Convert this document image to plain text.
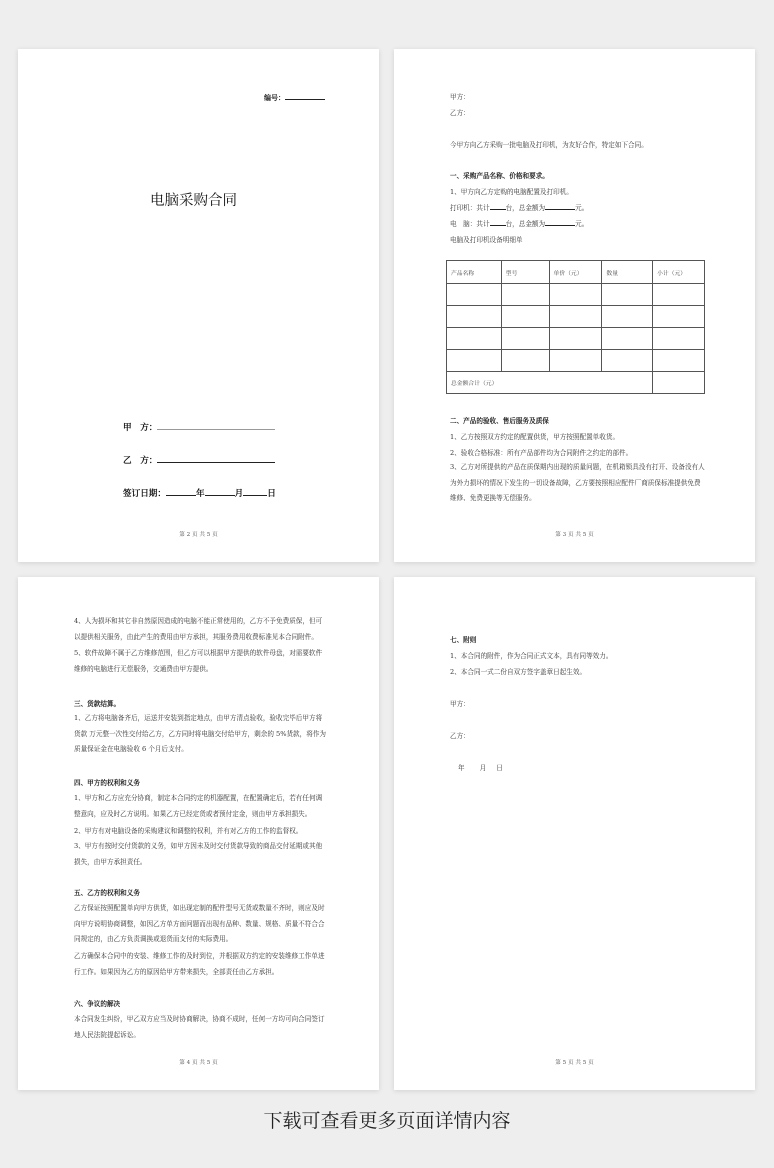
编号：
电脑采购合同
甲　方：
乙　方：
签订日期：	年	月	日
第 2 页 共 5 页
甲方：
乙方：
今甲方向乙方采购一批电脑及打印机，为友好合作，特定如下合同。
一、采购产品名称、价格和要求。
1、甲方向乙方定购的电脑配置及打印机。
打印机：共计 台，总金额为	元。
电　脑：共计 台，总金额为	元。
电脑及打印机设备明细单
产品名称	型号	单价（元）	数量	小计（元）

总金额合计（元）				
二、产品的验收、售后服务及质保
1、乙方按照双方约定的配置供货，甲方按照配置单收货。
2、验收合格标准：所有产品部件均为合同附件之约定的部件。
3、乙方对所提供的产品在质保期内出现的质量问题，在机箱锁具没有打开、设备没有人为外力损坏的情况下发生的一切设备故障，乙方要按照相应配件厂商质保标准提供免费维修、免费更换等无偿服务。
第 3 页 共 5 页
4、人为损坏和其它非自然原因造成的电脑不能正常使用的，乙方不予免费质保，但可以提供相关服务，由此产生的费用由甲方承担，其服务费用收费标准见本合同附件。
5、软件故障不属于乙方维修范围，但乙方可以根据甲方提供的软件母盘，对需要软件维修的电脑进行无偿服务，交通费由甲方提供。
三、货款结算。
1、乙方将电脑备齐后，运送并安装到指定地点，由甲方清点验收，验收完毕后甲方将货款 万元整一次性交付给乙方，乙方同时将电脑交付给甲方，剩余的 5%货款，将作为质量保证金在电脑验收 6 个月后支付。
四、甲方的权利和义务
1、甲方和乙方应充分协商，制定本合同约定的机器配置，在配置确定后，若有任何调整意向，应及时乙方说明。如果乙方已经定货或者预付定金，则由甲方承担损失。
2、甲方有对电脑设备的采购建议和调整的权利，并有对乙方的工作的监督权。
3、甲方有按时交付货款的义务，如甲方因未及时交付货款导致的商品交付延期或其他损失，由甲方承担责任。
五、乙方的权利和义务
乙方保证按照配置单向甲方供货，如出现定制的配件型号无货或数量不齐时，则应及时向甲方说明协商调整，如因乙方单方面问题而出现有品种、数量、规格、质量不符合合同规定的，由乙方负责调换或退货而支付的实际费用。
乙方确保本合同中的安装、维修工作的及时到位，并根据双方约定的安装维修工作单进行工作。如果因为乙方的原因给甲方带来损失，全部责任由乙方承担。
六、争议的解决
本合同发生纠纷，甲乙双方应当及时协商解决，协商不成时，任何一方均可向合同签订地人民法院提起诉讼。
第 4 页 共 5 页
七、附则
1、本合同的附件，作为合同正式文本，具有同等效力。
2、本合同一式二份自双方签字盖章日起生效。
甲方：
乙方：
年 月 日
第 5 页 共 5 页
下载可查看更多页面详情内容
